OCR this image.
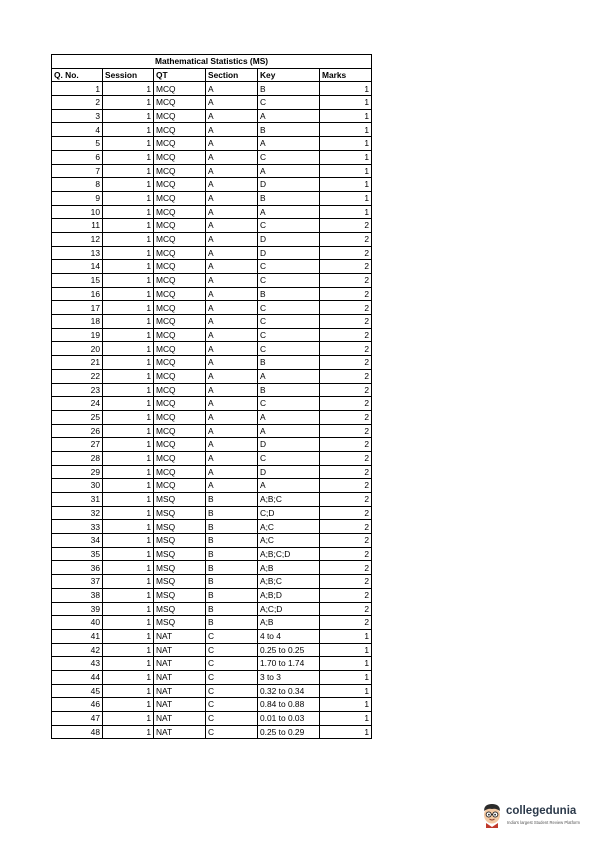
Mathematical Statistics (MS)					
Q. No.	Session	QT	Section	Key	Marks
1	1	MCQ	A	B	1
2	1	MCQ	A	C	1
3	1	MCQ	A	A	1
4	1	MCQ	A	B	1
5	1	MCQ	A	A	1
6	1	MCQ	A	C	1
7	1	MCQ	A	A	1
8	1	MCQ	A	D	1
9	1	MCQ	A	B	1
10	1	MCQ	A	A	1
11	1	MCQ	A	C	2
12	1	MCQ	A	D	2
13	1	MCQ	A	D	2
14	1	MCQ	A	C	2
15	1	MCQ	A	C	2
16	1	MCQ	A	B	2
17	1	MCQ	A	C	2
18	1	MCQ	A	C	2
19	1	MCQ	A	C	2
20	1	MCQ	A	C	2
21	1	MCQ	A	B	2
22	1	MCQ	A	A	2
23	1	MCQ	A	B	2
24	1	MCQ	A	C	2
25	1	MCQ	A	A	2
26	1	MCQ	A	A	2
27	1	MCQ	A	D	2
28	1	MCQ	A	C	2
29	1	MCQ	A	D	2
30	1	MCQ	A	A	2
31	1	MSQ	B	A;B;C	2
32	1	MSQ	B	C;D	2
33	1	MSQ	B	A;C	2
34	1	MSQ	B	A;C	2
35	1	MSQ	B	A;B;C;D	2
36	1	MSQ	B	A;B	2
37	1	MSQ	B	A;B;C	2
38	1	MSQ	B	A;B;D	2
39	1	MSQ	B	A;C;D	2
40	1	MSQ	B	A;B	2
41	1	NAT	C	4 to 4	1
42	1	NAT	C	0.25 to 0.25	1
43	1	NAT	C	1.70 to 1.74	1
44	1	NAT	C	3 to 3	1
45	1	NAT	C	0.32 to 0.34	1
46	1	NAT	C	0.84 to 0.88	1
47	1	NAT	C	0.01 to 0.03	1
48	1	NAT	C	0.25 to 0.29	1
collegedunia
India's largest Student Review Platform
